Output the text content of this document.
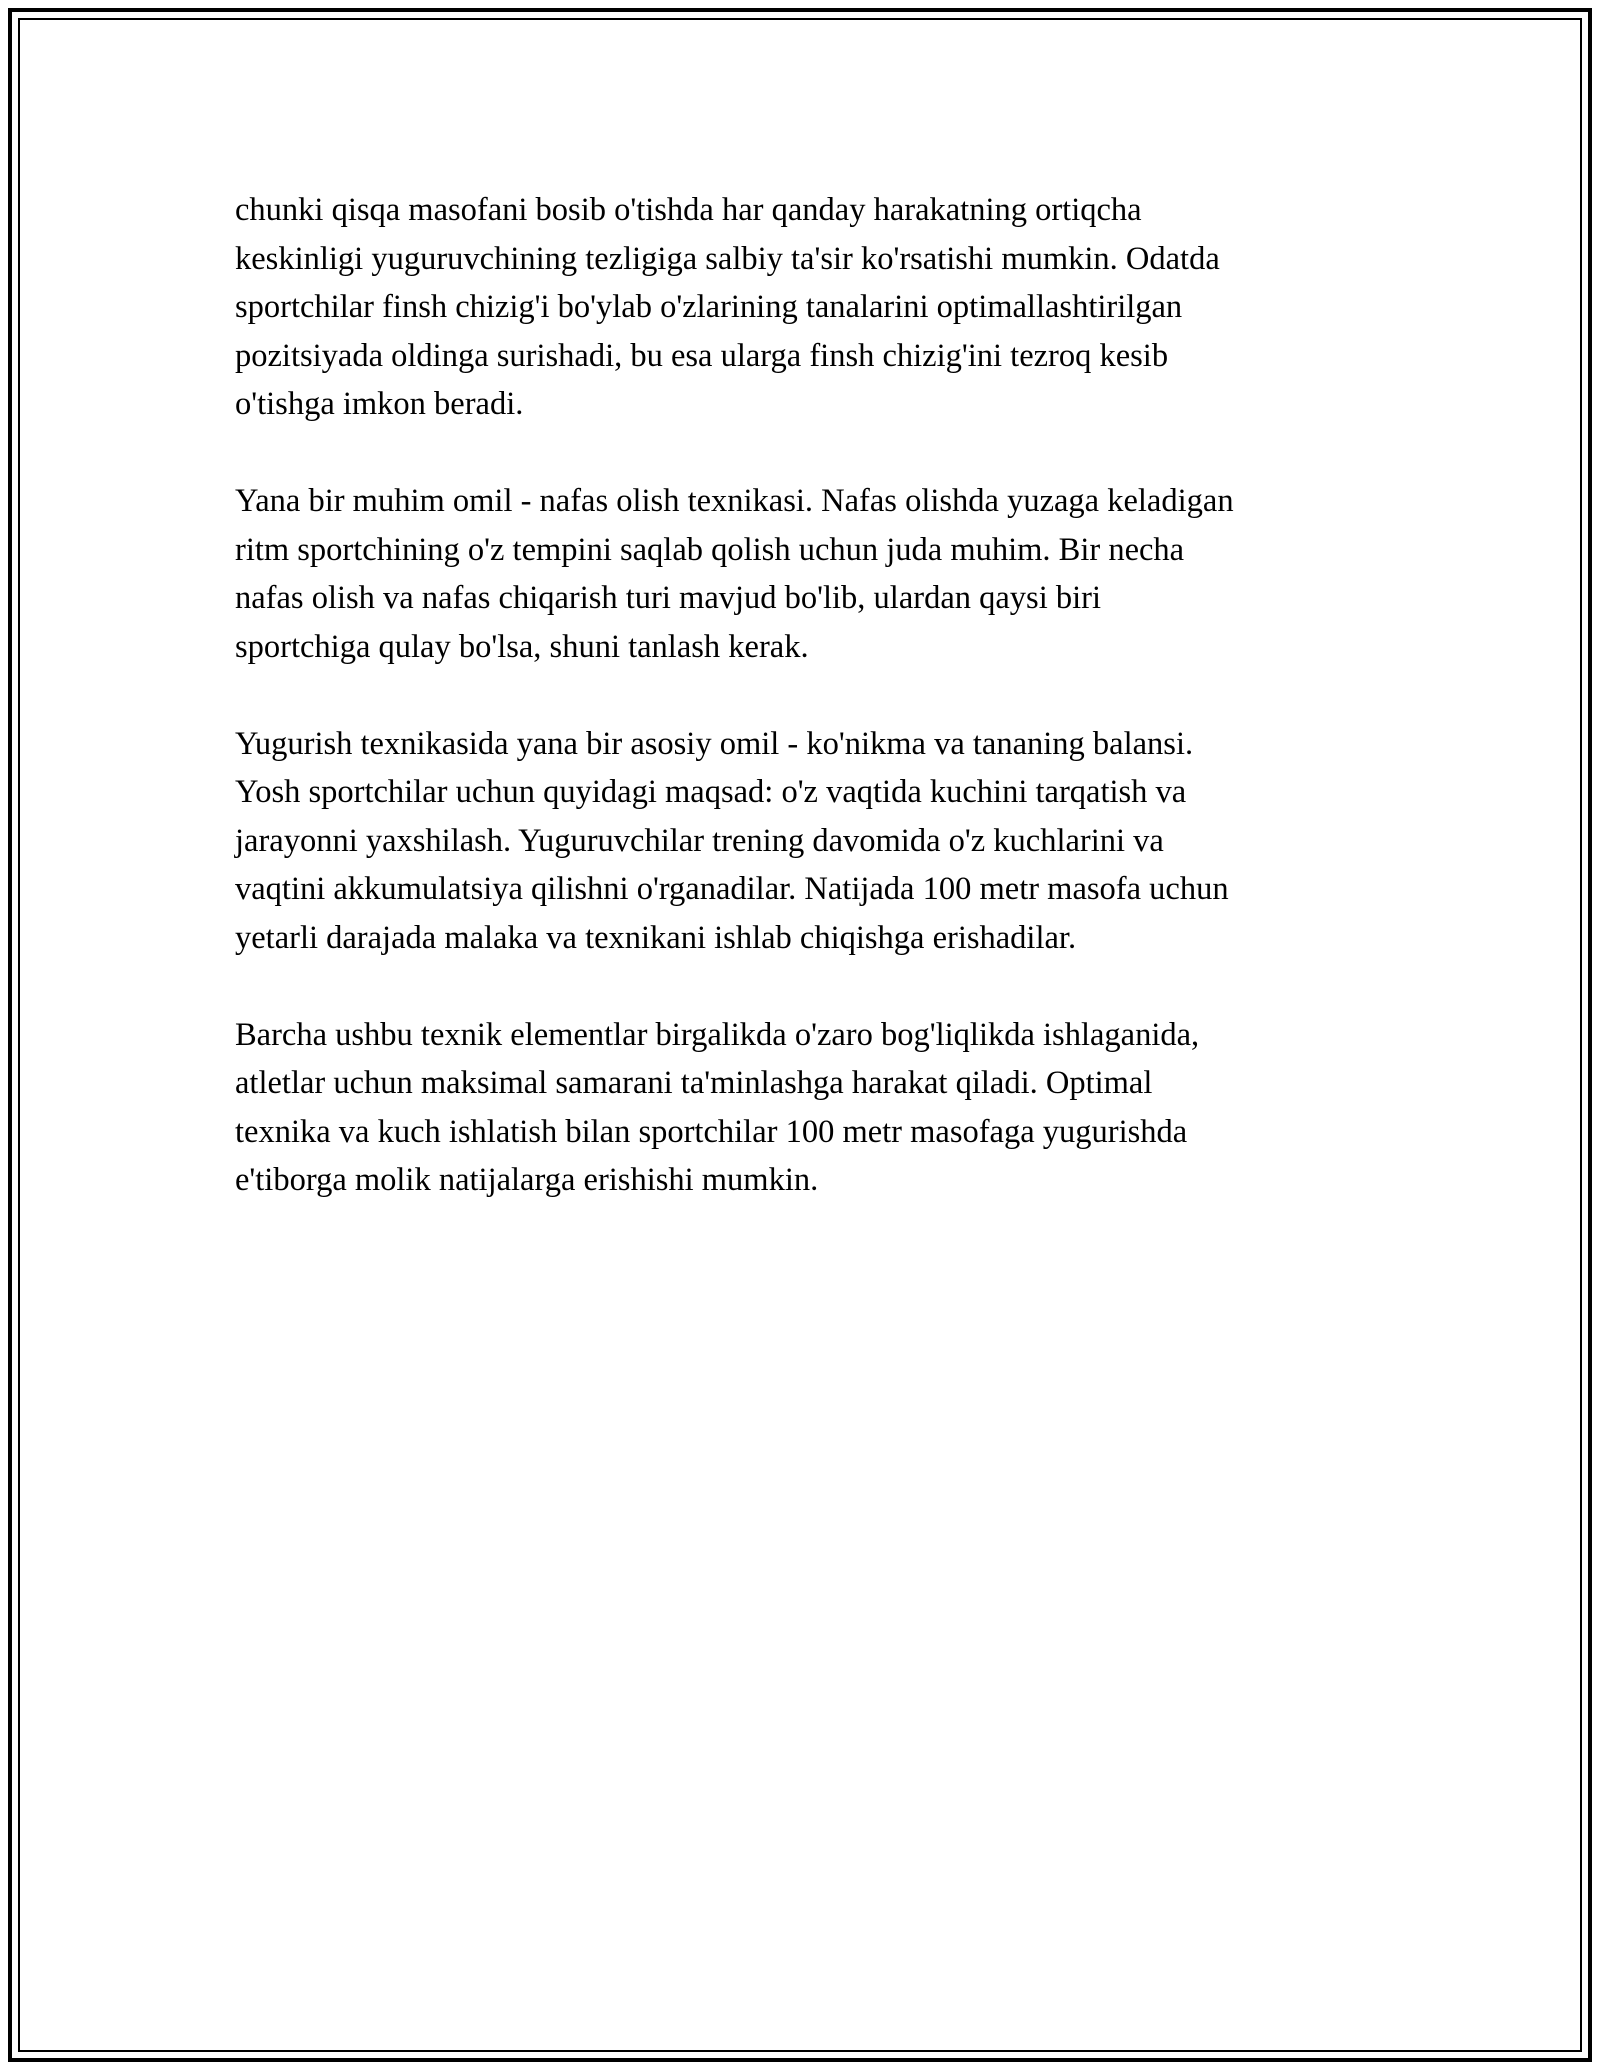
chunki qisqa masofani bosib o'tishda har qanday harakatning ortiqcha
keskinligi yuguruvchining tezligiga salbiy ta'sir ko'rsatishi mumkin. Odatda
sportchilar finsh chizig'i bo'ylab o'zlarining tanalarini optimallashtirilgan
pozitsiyada oldinga surishadi, bu esa ularga finsh chizig'ini tezroq kesib
o'tishga imkon beradi.

Yana bir muhim omil - nafas olish texnikasi. Nafas olishda yuzaga keladigan
ritm sportchining o'z tempini saqlab qolish uchun juda muhim. Bir necha
nafas olish va nafas chiqarish turi mavjud bo'lib, ulardan qaysi biri
sportchiga qulay bo'lsa, shuni tanlash kerak.

Yugurish texnikasida yana bir asosiy omil - ko'nikma va tananing balansi.
Yosh sportchilar uchun quyidagi maqsad: o'z vaqtida kuchini tarqatish va
jarayonni yaxshilash. Yuguruvchilar trening davomida o'z kuchlarini va
vaqtini akkumulatsiya qilishni o'rganadilar. Natijada 100 metr masofa uchun
yetarli darajada malaka va texnikani ishlab chiqishga erishadilar.

Barcha ushbu texnik elementlar birgalikda o'zaro bog'liqlikda ishlaganida,
atletlar uchun maksimal samarani ta'minlashga harakat qiladi. Optimal
texnika va kuch ishlatish bilan sportchilar 100 metr masofaga yugurishda
e'tiborga molik natijalarga erishishi mumkin.
